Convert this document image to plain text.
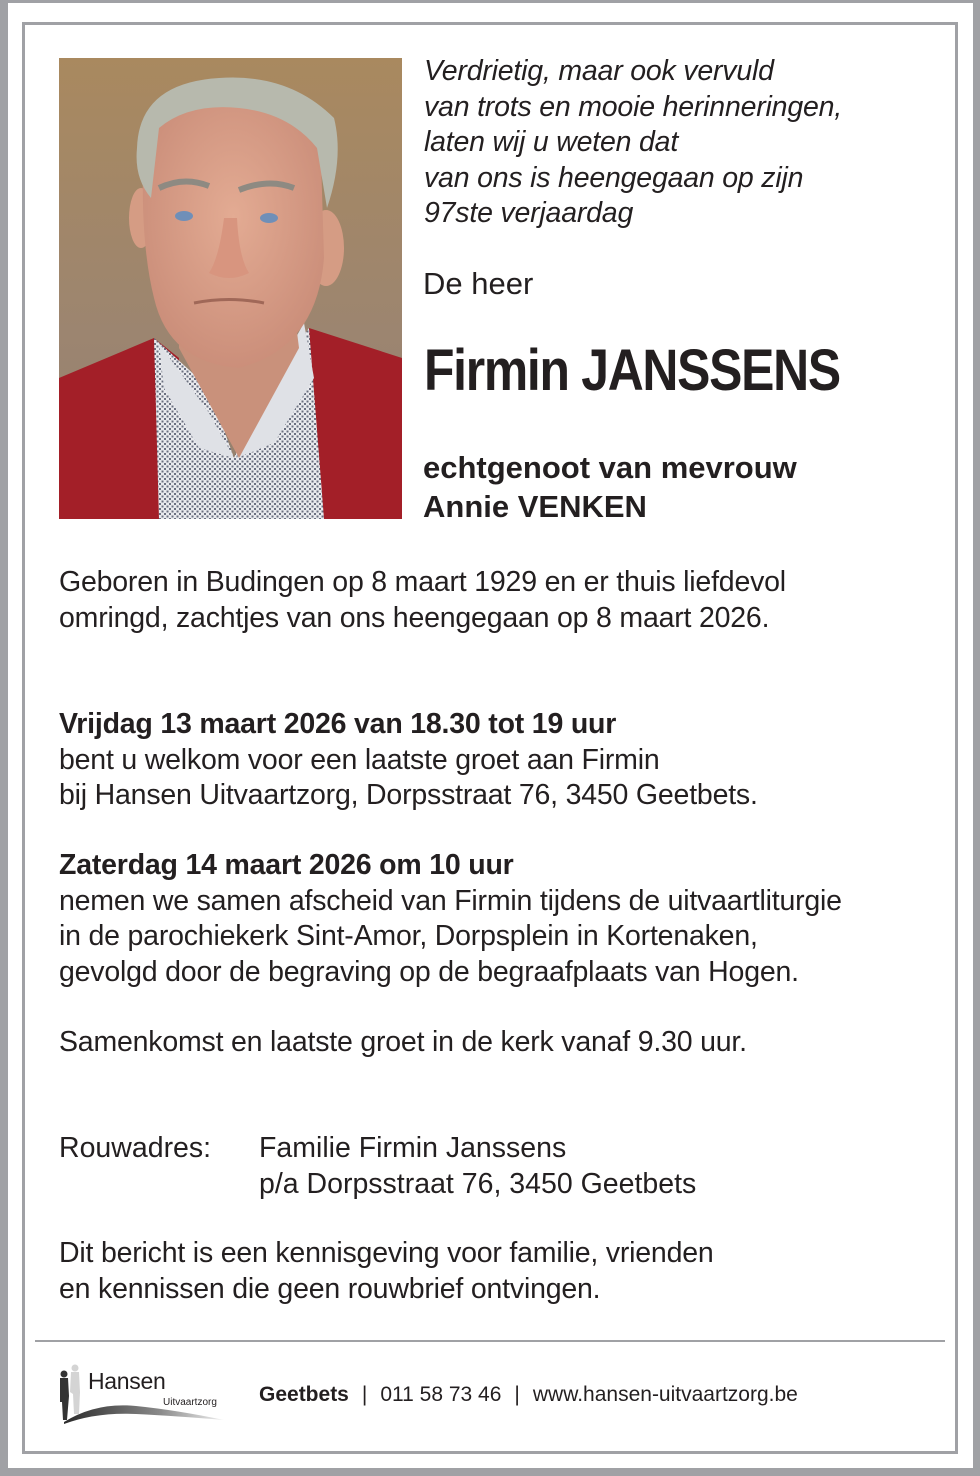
Verdrietig, maar ook vervuld
van trots en mooie herinneringen,
laten wij u weten dat
van ons is heengegaan op zijn
97ste verjaardag
De heer
Firmin JANSSENS
echtgenoot van mevrouw
Annie VENKEN
Geboren in Budingen op 8 maart 1929 en er thuis liefdevol
omringd, zachtjes van ons heengegaan op 8 maart 2026.
Vrijdag 13 maart 2026 van 18.30 tot 19 uur
bent u welkom voor een laatste groet aan Firmin
bij Hansen Uitvaartzorg, Dorpsstraat 76, 3450 Geetbets.
Zaterdag 14 maart 2026 om 10 uur
nemen we samen afscheid van Firmin tijdens de uitvaartliturgie
in de parochiekerk Sint-Amor, Dorpsplein in Kortenaken,
gevolgd door de begraving op de begraafplaats van Hogen.
Samenkomst en laatste groet in de kerk vanaf 9.30 uur.
Rouwadres:	Familie Firmin Janssens
p/a Dorpsstraat 76, 3450 Geetbets
Dit bericht is een kennisgeving voor familie, vrienden
en kennissen die geen rouwbrief ontvingen.
Hansen
Uitvaartzorg Geetbets | 011 58 73 46 | www.hansen-uitvaartzorg.be
